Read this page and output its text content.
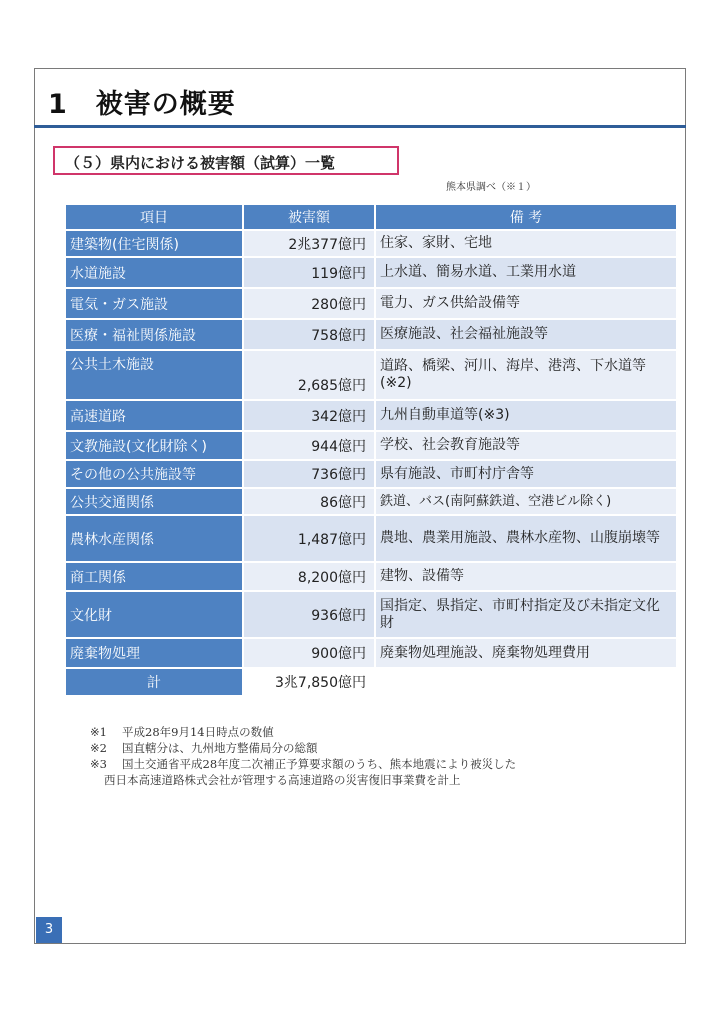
1　被害の概要
（５）県内における被害額（試算）一覧
熊本県調べ（※１）
項目	被害額	備 考
建築物(住宅関係)	2兆377億円	住家、家財、宅地
水道施設	119億円	上水道、簡易水道、工業用水道
電気・ガス施設	280億円	電力、ガス供給設備等
医療・福祉関係施設	758億円	医療施設、社会福祉施設等
公共土木施設	2,685億円	道路、橋梁、河川、海岸、港湾、下水道等　(※2)
高速道路	342億円	九州自動車道等(※3)
文教施設(文化財除く)	944億円	学校、社会教育施設等
その他の公共施設等	736億円	県有施設、市町村庁舎等
公共交通関係	86億円	鉄道、バス(南阿蘇鉄道、空港ビル除く)
農林水産関係	1,487億円	農地、農業用施設、農林水産物、山腹崩壊等
商工関係	8,200億円	建物、設備等
文化財	936億円	国指定、県指定、市町村指定及び未指定文化財
廃棄物処理	900億円	廃棄物処理施設、廃棄物処理費用
計	3兆7,850億円	
※1	平成28年9月14日時点の数値
※2	国直轄分は、九州地方整備局分の総額
※3	国土交通省平成28年度二次補正予算要求額のうち、熊本地震により被災した
西日本高速道路株式会社が管理する高速道路の災害復旧事業費を計上
3
